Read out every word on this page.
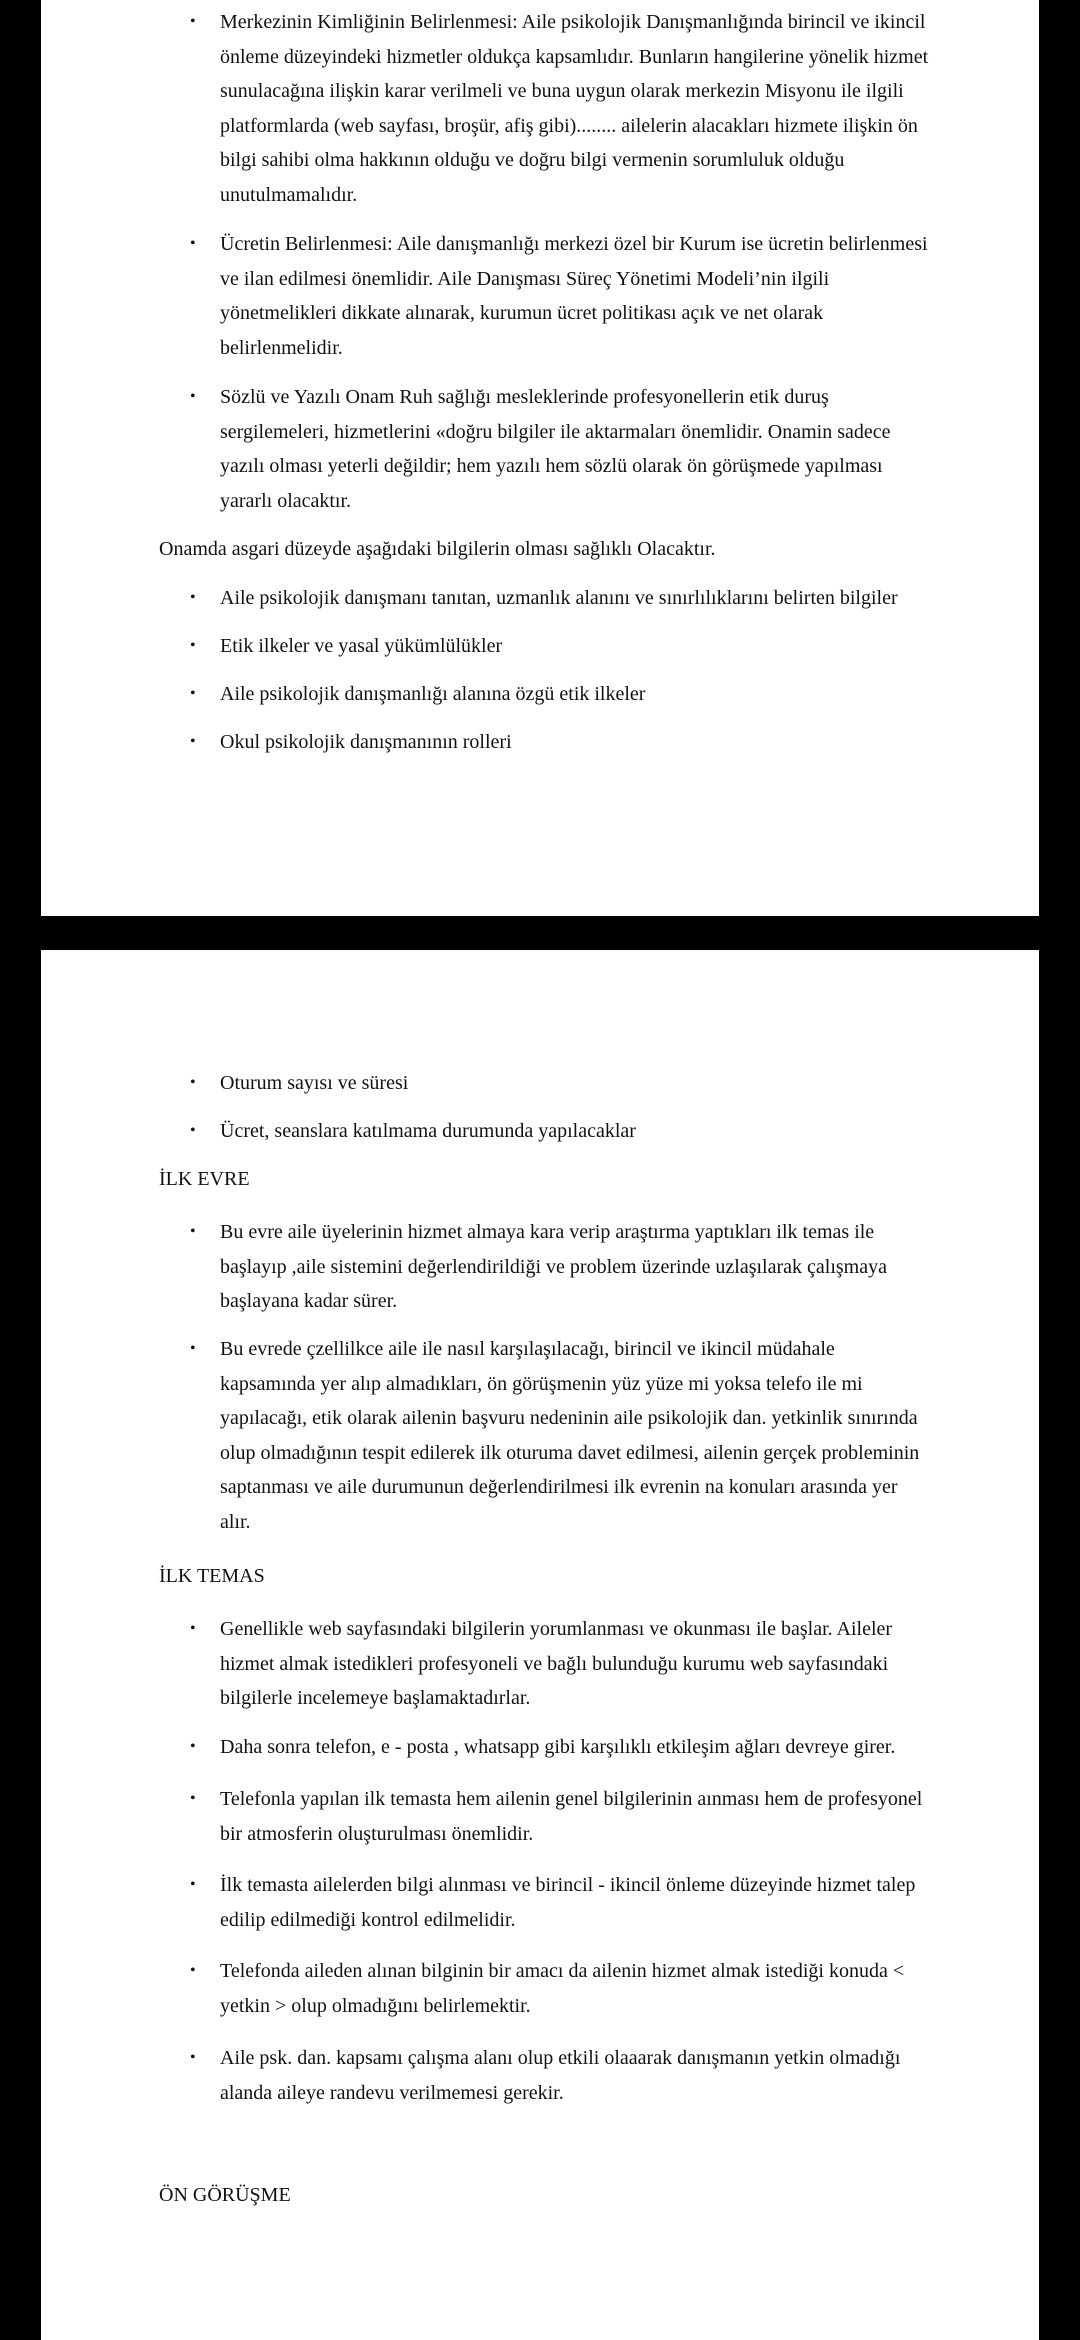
• Merkezinin Kimliğinin Belirlenmesi: Aile psikolojik Danışmanlığında birincil ve ikincil önleme düzeyindeki hizmetler oldukça kapsamlıdır. Bunların hangilerine yönelik hizmet sunulacağına ilişkin karar verilmeli ve buna uygun olarak merkezin Misyonu ile ilgili platformlarda (web sayfası, broşür, afiş gibi)........ ailelerin alacakları hizmete ilişkin ön bilgi sahibi olma hakkının olduğu ve doğru bilgi vermenin sorumluluk olduğu unutulmamalıdır.
• Ücretin Belirlenmesi: Aile danışmanlığı merkezi özel bir Kurum ise ücretin belirlenmesi ve ilan edilmesi önemlidir. Aile Danışması Süreç Yönetimi Modeli’nin ilgili yönetmelikleri dikkate alınarak, kurumun ücret politikası açık ve net olarak belirlenmelidir.
• Sözlü ve Yazılı Onam Ruh sağlığı mesleklerinde profesyonellerin etik duruş sergilemeleri, hizmetlerini «doğru bilgiler ile aktarmaları önemlidir. Onamin sadece yazılı olması yeterli değildir; hem yazılı hem sözlü olarak ön görüşmede yapılması yararlı olacaktır.
Onamda asgari düzeyde aşağıdaki bilgilerin olması sağlıklı Olacaktır.
• Aile psikolojik danışmanı tanıtan, uzmanlık alanını ve sınırlılıklarını belirten bilgiler
• Etik ilkeler ve yasal yükümlülükler
• Aile psikolojik danışmanlığı alanına özgü etik ilkeler
• Okul psikolojik danışmanının rolleri
• Oturum sayısı ve süresi
• Ücret, seanslara katılmama durumunda yapılacaklar
İLK EVRE
• Bu evre aile üyelerinin hizmet almaya kara verip araştırma yaptıkları ilk temas ile başlayıp ,aile sistemini değerlendirildiği ve problem üzerinde uzlaşılarak çalışmaya başlayana kadar sürer.
• Bu evrede çzellilkce aile ile nasıl karşılaşılacağı, birincil ve ikincil müdahale kapsamında yer alıp almadıkları, ön görüşmenin yüz yüze mi yoksa telefo ile mi yapılacağı, etik olarak ailenin başvuru nedeninin aile psikolojik dan. yetkinlik sınırında olup olmadığının tespit edilerek ilk oturuma davet edilmesi, ailenin gerçek probleminin saptanması ve aile durumunun değerlendirilmesi ilk evrenin na konuları arasında yer alır.
İLK TEMAS
• Genellikle web sayfasındaki bilgilerin yorumlanması ve okunması ile başlar. Aileler hizmet almak istedikleri profesyoneli ve bağlı bulunduğu kurumu web sayfasındaki bilgilerle incelemeye başlamaktadırlar.
• Daha sonra telefon, e - posta , whatsapp gibi karşılıklı etkileşim ağları devreye girer.
• Telefonla yapılan ilk temasta hem ailenin genel bilgilerinin aınması hem de profesyonel bir atmosferin oluşturulması önemlidir.
• İlk temasta ailelerden bilgi alınması ve birincil - ikincil önleme düzeyinde hizmet talep edilip edilmediği kontrol edilmelidir.
• Telefonda aileden alınan bilginin bir amacı da ailenin hizmet almak istediği konuda < yetkin > olup olmadığını belirlemektir.
• Aile psk. dan. kapsamı çalışma alanı olup etkili olaaarak danışmanın yetkin olmadığı alanda aileye randevu verilmemesi gerekir.
ÖN GÖRÜŞME
